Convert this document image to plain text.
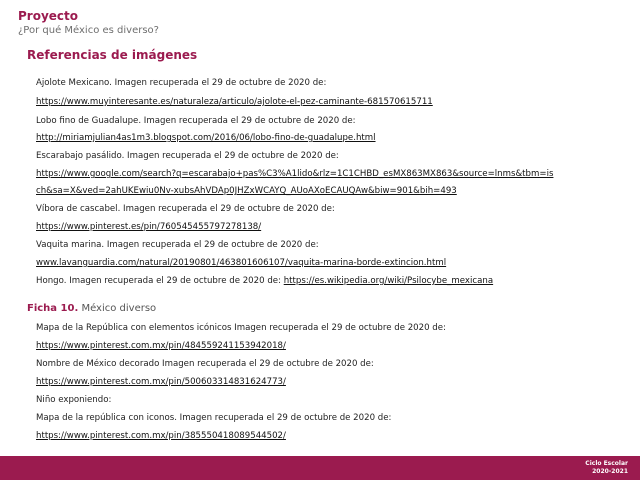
Proyecto
¿Por qué México es diverso?
Referencias de imágenes
Ajolote Mexicano. Imagen recuperada el 29 de octubre de 2020 de:
https://www.muyinteresante.es/naturaleza/articulo/ajolote-el-pez-caminante-681570615711
Lobo fino de Guadalupe. Imagen recuperada el 29 de octubre de 2020 de:
http://miriamjulian4as1m3.blogspot.com/2016/06/lobo-fino-de-guadalupe.html
Escarabajo pasálido. Imagen recuperada el 29 de octubre de 2020 de:
https://www.google.com/search?q=escarabajo+pas%C3%A1lido&rlz=1C1CHBD_esMX863MX863&source=lnms&tbm=is
ch&sa=X&ved=2ahUKEwiu0Nv-xubsAhVDAp0JHZxWCAYQ_AUoAXoECAUQAw&biw=901&bih=493
Víbora de cascabel. Imagen recuperada el 29 de octubre de 2020 de:
https://www.pinterest.es/pin/760545455797278138/
Vaquita marina. Imagen recuperada el 29 de octubre de 2020 de:
www.lavanguardia.com/natural/20190801/463801606107/vaquita-marina-borde-extincion.html
Hongo. Imagen recuperada el 29 de octubre de 2020 de: https://es.wikipedia.org/wiki/Psilocybe_mexicana
Ficha 10. México diverso
Mapa de la República con elementos icónicos Imagen recuperada el 29 de octubre de 2020 de:
https://www.pinterest.com.mx/pin/484559241153942018/
Nombre de México decorado Imagen recuperada el 29 de octubre de 2020 de:
https://www.pinterest.com.mx/pin/500603314831624773/
Niño exponiendo:
Mapa de la república con iconos. Imagen recuperada el 29 de octubre de 2020 de:
https://www.pinterest.com.mx/pin/385550418089544502/
Ciclo Escolar
2020-2021
